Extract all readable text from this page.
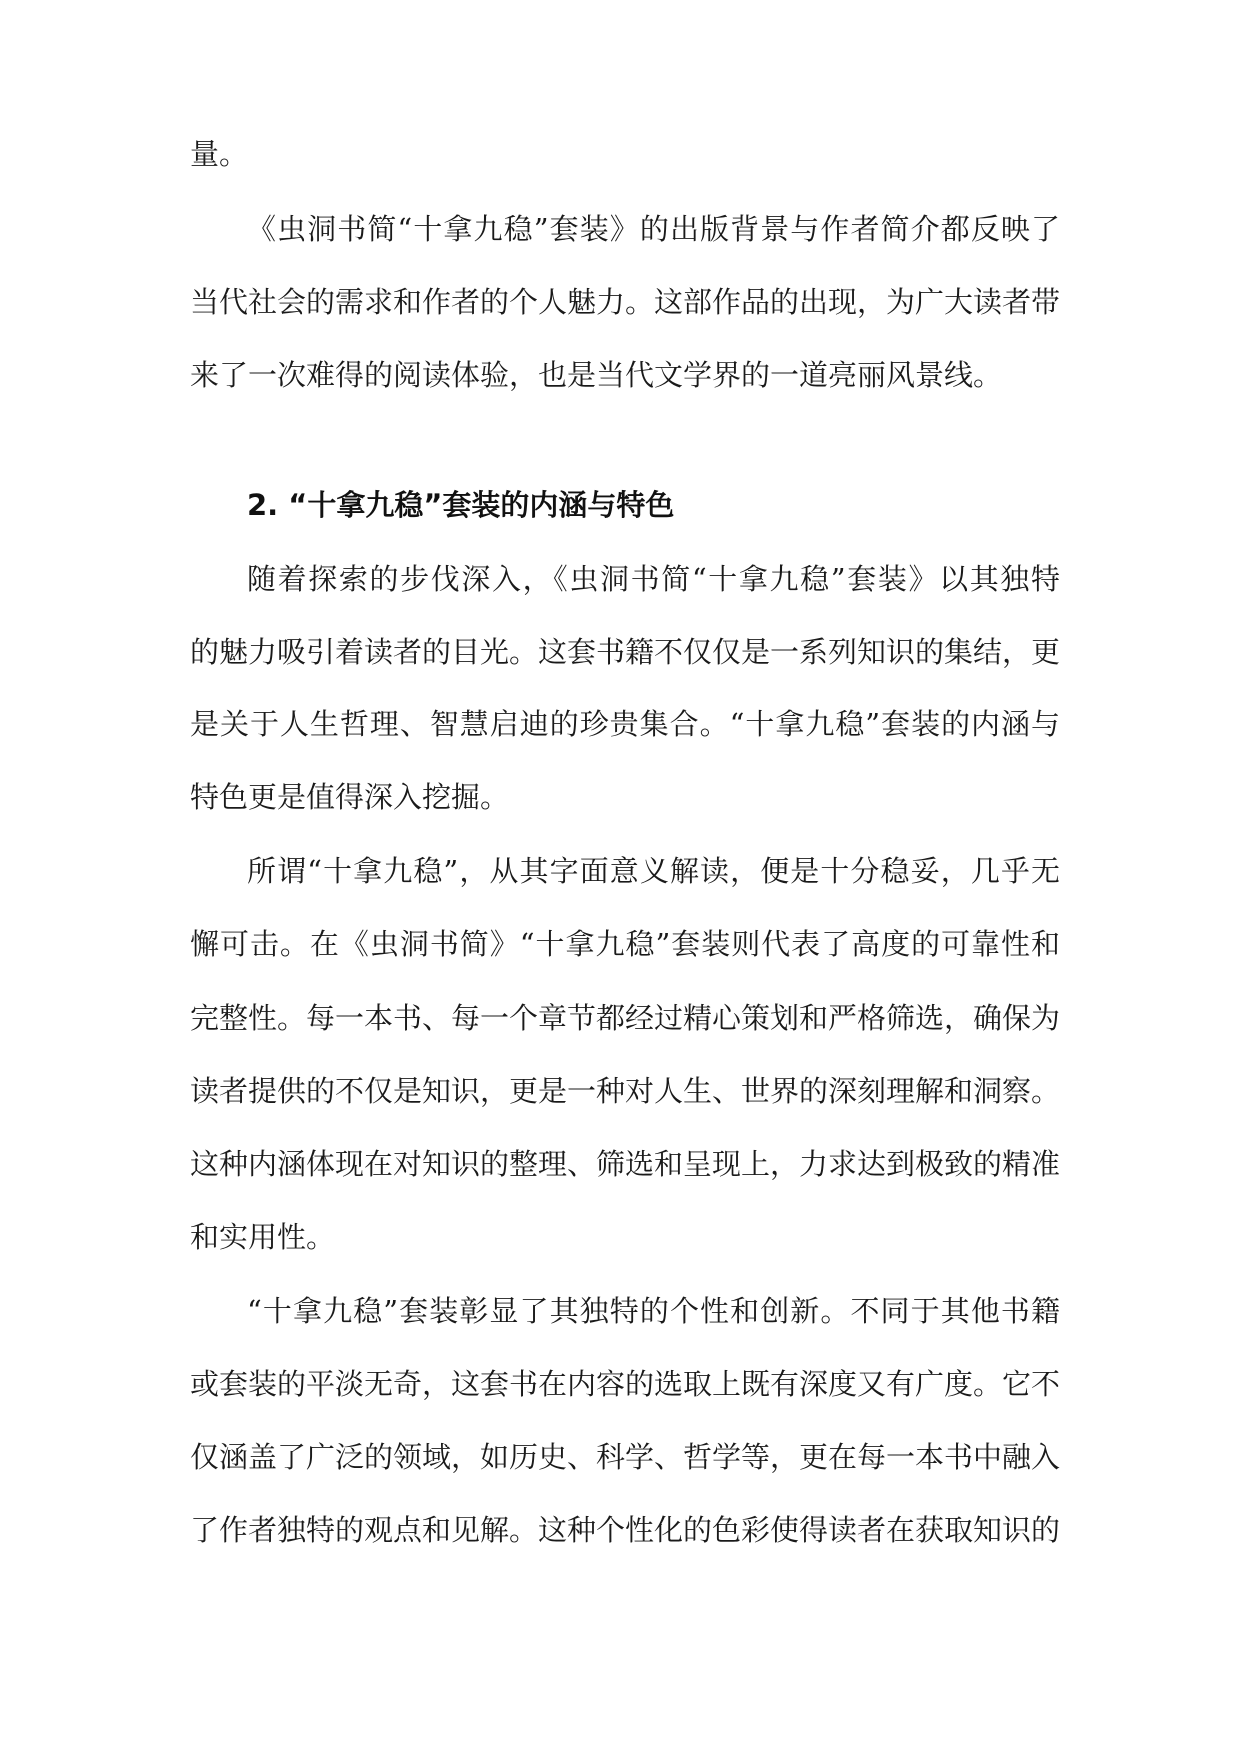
量。
《虫洞书简“十拿九稳”套装》的出版背景与作者简介都反映了
当代社会的需求和作者的个人魅力。这部作品的出现，为广大读者带
来了一次难得的阅读体验，也是当代文学界的一道亮丽风景线。
2. “十拿九稳”套装的内涵与特色
随着探索的步伐深入，《虫洞书简“十拿九稳”套装》以其独特
的魅力吸引着读者的目光。这套书籍不仅仅是一系列知识的集结，更
是关于人生哲理、智慧启迪的珍贵集合。“十拿九稳”套装的内涵与
特色更是值得深入挖掘。
所谓“十拿九稳”，从其字面意义解读，便是十分稳妥，几乎无
懈可击。在《虫洞书简》“十拿九稳”套装则代表了高度的可靠性和
完整性。每一本书、每一个章节都经过精心策划和严格筛选，确保为
读者提供的不仅是知识，更是一种对人生、世界的深刻理解和洞察。
这种内涵体现在对知识的整理、筛选和呈现上，力求达到极致的精准
和实用性。
“十拿九稳”套装彰显了其独特的个性和创新。不同于其他书籍
或套装的平淡无奇，这套书在内容的选取上既有深度又有广度。它不
仅涵盖了广泛的领域，如历史、科学、哲学等，更在每一本书中融入
了作者独特的观点和见解。这种个性化的色彩使得读者在获取知识的
